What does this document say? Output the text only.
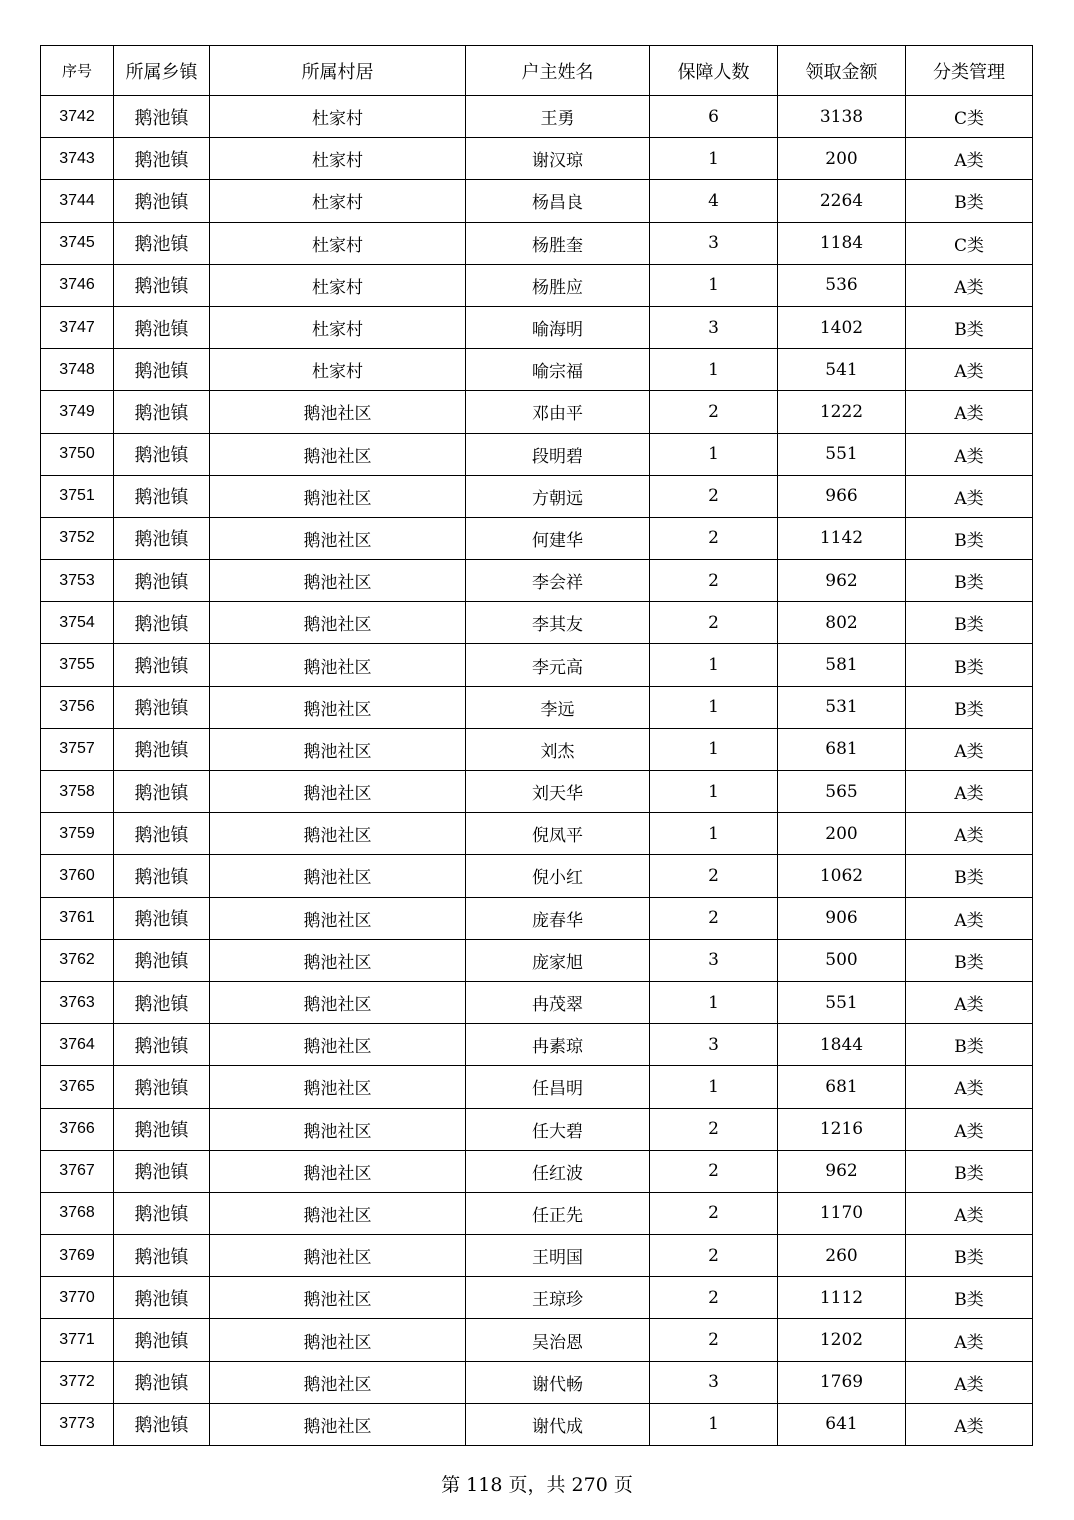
序号	所属乡镇	所属村居	户主姓名	保障人数	领取金额	分类管理
3742	鹅池镇	杜家村	王勇	6	3138	C类
3743	鹅池镇	杜家村	谢汉琼	1	200	A类
3744	鹅池镇	杜家村	杨昌良	4	2264	B类
3745	鹅池镇	杜家村	杨胜奎	3	1184	C类
3746	鹅池镇	杜家村	杨胜应	1	536	A类
3747	鹅池镇	杜家村	喻海明	3	1402	B类
3748	鹅池镇	杜家村	喻宗福	1	541	A类
3749	鹅池镇	鹅池社区	邓由平	2	1222	A类
3750	鹅池镇	鹅池社区	段明碧	1	551	A类
3751	鹅池镇	鹅池社区	方朝远	2	966	A类
3752	鹅池镇	鹅池社区	何建华	2	1142	B类
3753	鹅池镇	鹅池社区	李会祥	2	962	B类
3754	鹅池镇	鹅池社区	李其友	2	802	B类
3755	鹅池镇	鹅池社区	李元高	1	581	B类
3756	鹅池镇	鹅池社区	李远	1	531	B类
3757	鹅池镇	鹅池社区	刘杰	1	681	A类
3758	鹅池镇	鹅池社区	刘天华	1	565	A类
3759	鹅池镇	鹅池社区	倪凤平	1	200	A类
3760	鹅池镇	鹅池社区	倪小红	2	1062	B类
3761	鹅池镇	鹅池社区	庞春华	2	906	A类
3762	鹅池镇	鹅池社区	庞家旭	3	500	B类
3763	鹅池镇	鹅池社区	冉茂翠	1	551	A类
3764	鹅池镇	鹅池社区	冉素琼	3	1844	B类
3765	鹅池镇	鹅池社区	任昌明	1	681	A类
3766	鹅池镇	鹅池社区	任大碧	2	1216	A类
3767	鹅池镇	鹅池社区	任红波	2	962	B类
3768	鹅池镇	鹅池社区	任正先	2	1170	A类
3769	鹅池镇	鹅池社区	王明国	2	260	B类
3770	鹅池镇	鹅池社区	王琼珍	2	1112	B类
3771	鹅池镇	鹅池社区	吴治恩	2	1202	A类
3772	鹅池镇	鹅池社区	谢代畅	3	1769	A类
3773	鹅池镇	鹅池社区	谢代成	1	641	A类
第 118 页，共 270 页
